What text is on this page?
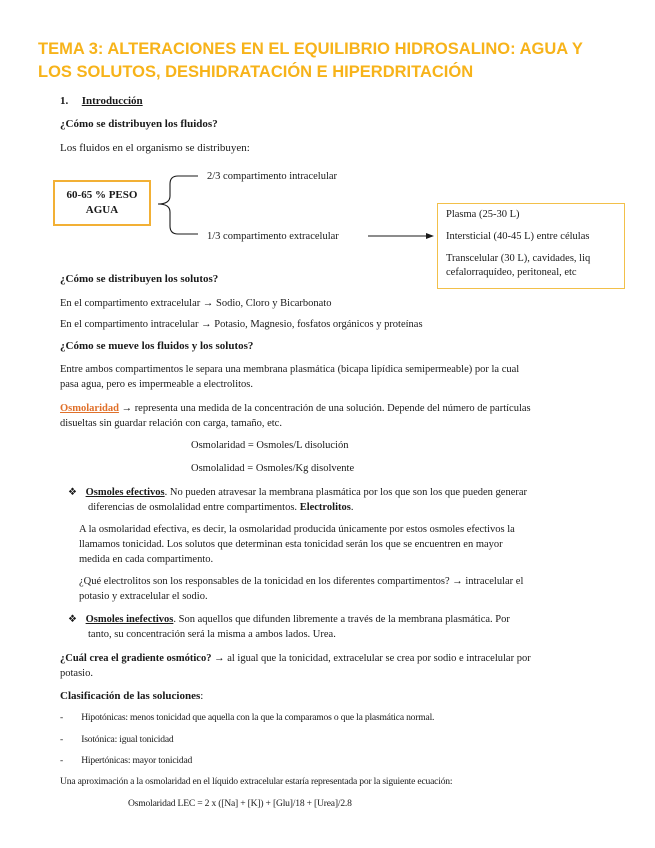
TEMA 3: ALTERACIONES EN EL EQUILIBRIO HIDROSALINO: AGUA Y
LOS SOLUTOS, DESHIDRATACIÓN E HIPERDRITACIÓN
1. Introducción
¿Cómo se distribuyen los fluidos?
Los fluidos en el organismo se distribuyen:
60-65 % PESO
AGUA
2/3 compartimento intracelular
1/3 compartimento extracelular
Plasma (25-30 L)
Intersticial (40-45 L) entre células
Transcelular (30 L), cavidades, liq
cefalorraquídeo, peritoneal, etc
¿Cómo se distribuyen los solutos?
En el compartimento extracelular → Sodio, Cloro y Bicarbonato
En el compartimento intracelular → Potasio, Magnesio, fosfatos orgánicos y proteínas
¿Cómo se mueve los fluidos y los solutos?
Entre ambos compartimentos le separa una membrana plasmática (bicapa lipídica semipermeable) por la cual
pasa agua, pero es impermeable a electrolitos.
Osmolaridad → representa una medida de la concentración de una solución. Depende del número de partículas
disueltas sin guardar relación con carga, tamaño, etc.
Osmolaridad = Osmoles/L disolución
Osmolalidad = Osmoles/Kg disolvente
❖ Osmoles efectivos. No pueden atravesar la membrana plasmática por los que son los que pueden generar
diferencias de osmolalidad entre compartimentos. Electrolitos.
A la osmolaridad efectiva, es decir, la osmolaridad producida únicamente por estos osmoles efectivos la
llamamos tonicidad. Los solutos que determinan esta tonicidad serán los que se encuentren en mayor
medida en cada compartimento.
¿Qué electrolitos son los responsables de la tonicidad en los diferentes compartimentos? → intracelular el
potasio y extracelular el sodio.
❖ Osmoles inefectivos. Son aquellos que difunden libremente a través de la membrana plasmática. Por
tanto, su concentración será la misma a ambos lados. Urea.
¿Cuál crea el gradiente osmótico? → al igual que la tonicidad, extracelular se crea por sodio e intracelular por
potasio.
Clasificación de las soluciones:
- Hipotónicas: menos tonicidad que aquella con la que la comparamos o que la plasmática normal.
- Isotónica: igual tonicidad
- Hipertónicas: mayor tonicidad
Una aproximación a la osmolaridad en el líquido extracelular estaría representada por la siguiente ecuación:
Osmolaridad LEC = 2 x ([Na] + [K]) + [Glu]/18 + [Urea]/2.8
